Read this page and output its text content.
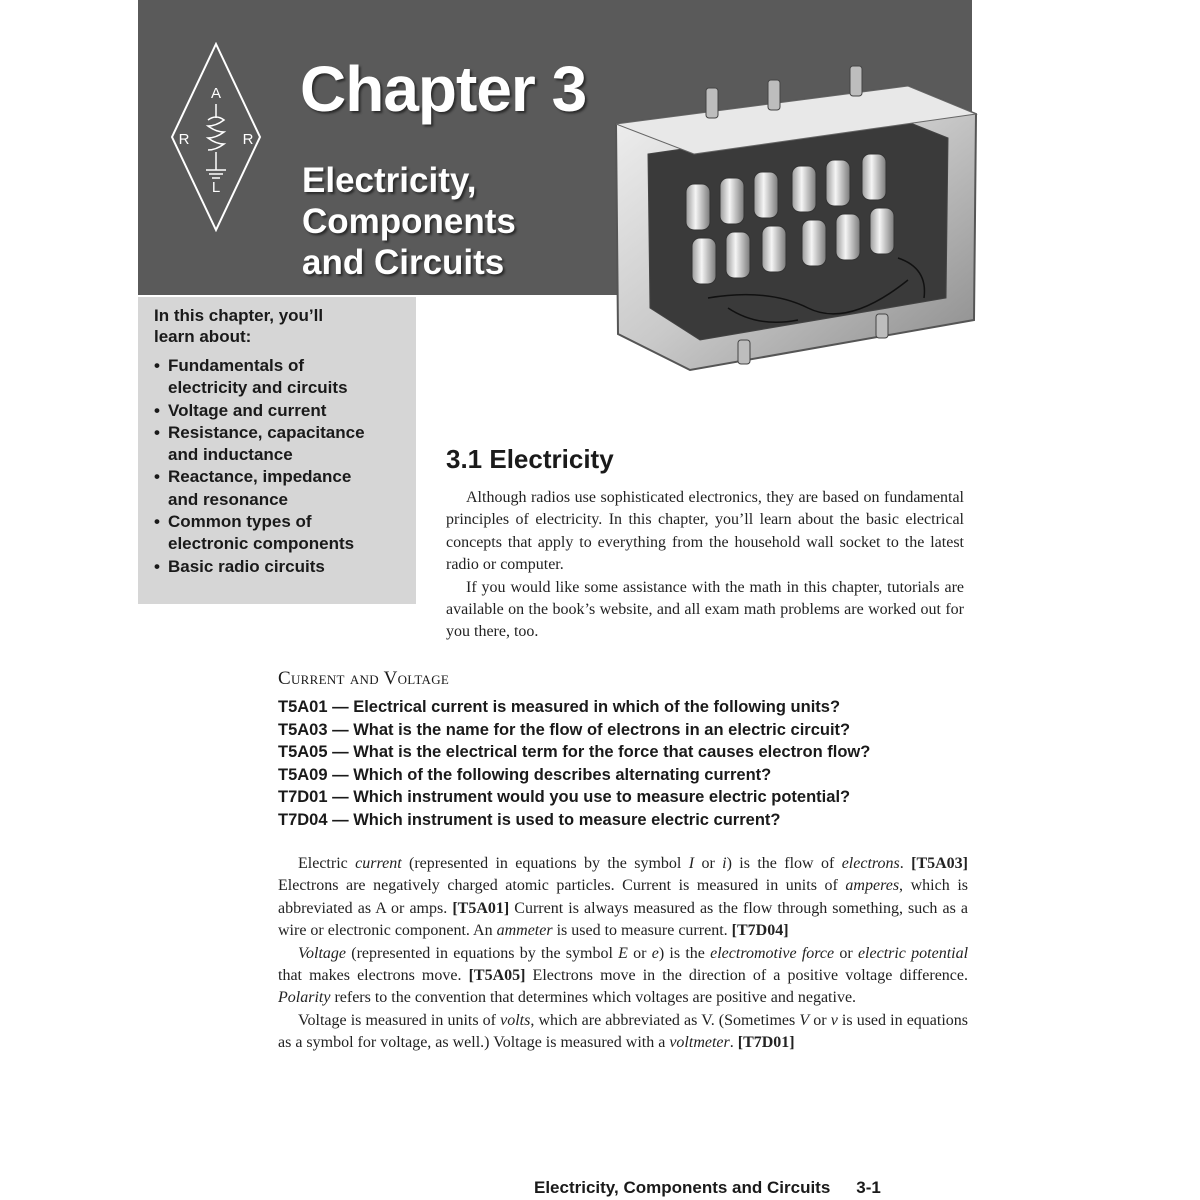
A
R	R
L
Chapter 3
Electricity,
Components
and Circuits
In this chapter, you’ll
learn about:
• Fundamentals of
electricity and circuits
• Voltage and current
• Resistance, capacitance
and inductance
• Reactance, impedance
and resonance
• Common types of
electronic components
• Basic radio circuits
3.1 Electricity

Although radios use sophisticated electronics, they are based on fundamental principles of electricity. In this chapter, you’ll learn about the basic electrical concepts that apply to everything from the household wall socket to the latest radio or computer.

If you would like some assistance with the math in this chapter, tutorials are available on the book’s website, and all exam math problems are worked out for you there, too.

Current and Voltage
T5A01 — Electrical current is measured in which of the following units?
T5A03 — What is the name for the flow of electrons in an electric circuit?
T5A05 — What is the electrical term for the force that causes electron flow?
T5A09 — Which of the following describes alternating current?
T7D01 — Which instrument would you use to measure electric potential?
T7D04 — Which instrument is used to measure electric current?

Electric current (represented in equations by the symbol I or i) is the flow of electrons. [T5A03] Electrons are negatively charged atomic particles. Current is measured in units of amperes, which is abbreviated as A or amps. [T5A01] Current is always measured as the flow through something, such as a wire or electronic component. An ammeter is used to measure current. [T7D04]

Voltage (represented in equations by the symbol E or e) is the electromotive force or electric potential that makes electrons move. [T5A05] Electrons move in the direction of a positive voltage difference. Polarity refers to the convention that determines which voltages are positive and negative.

Voltage is measured in units of volts, which are abbreviated as V. (Sometimes V or v is used in equations as a symbol for voltage, as well.) Voltage is measured with a voltmeter. [T7D01]

Electricity, Components and Circuits 3-1
